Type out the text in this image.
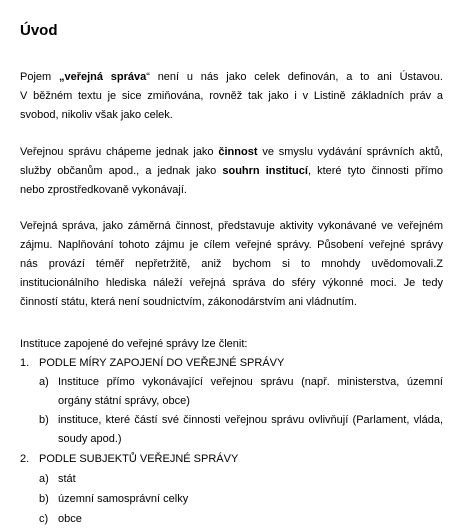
Úvod
Pojem „veřejná správa“ není u nás jako celek definován, a to ani Ústavou.
V běžném textu je sice zmiňována, rovněž tak jako i v Listině základních práv a
svobod, nikoliv však jako celek.
Veřejnou správu chápeme jednak jako činnost ve smyslu vydávání správních aktů,
služby občanům apod., a jednak jako souhrn institucí, které tyto činnosti přímo
nebo zprostředkovaně vykonávají.
Veřejná správa, jako záměrná činnost, představuje aktivity vykonávané ve veřejném
zájmu. Naplňování tohoto zájmu je cílem veřejné správy. Působení veřejné správy
nás provází téměř nepřetržitě, aniž bychom si to mnohdy uvědomovali.Z
institucionálního hlediska náleží veřejná správa do sféry výkonné moci. Je tedy
činností státu, která není soudnictvím, zákonodárstvím ani vládnutím.
Instituce zapojené do veřejné správy lze členit:
1. PODLE MÍRY ZAPOJENÍ DO VEŘEJNÉ SPRÁVY
a) Instituce přímo vykonávající veřejnou správu (např. ministerstva, územní
orgány státní správy, obce)
b) instituce, které částí své činnosti veřejnou správu ovlivňují (Parlament, vláda,
soudy apod.)
2. PODLE SUBJEKTŮ VEŘEJNÉ SPRÁVY
a) stát
b) územní samosprávní celky
c) obce
